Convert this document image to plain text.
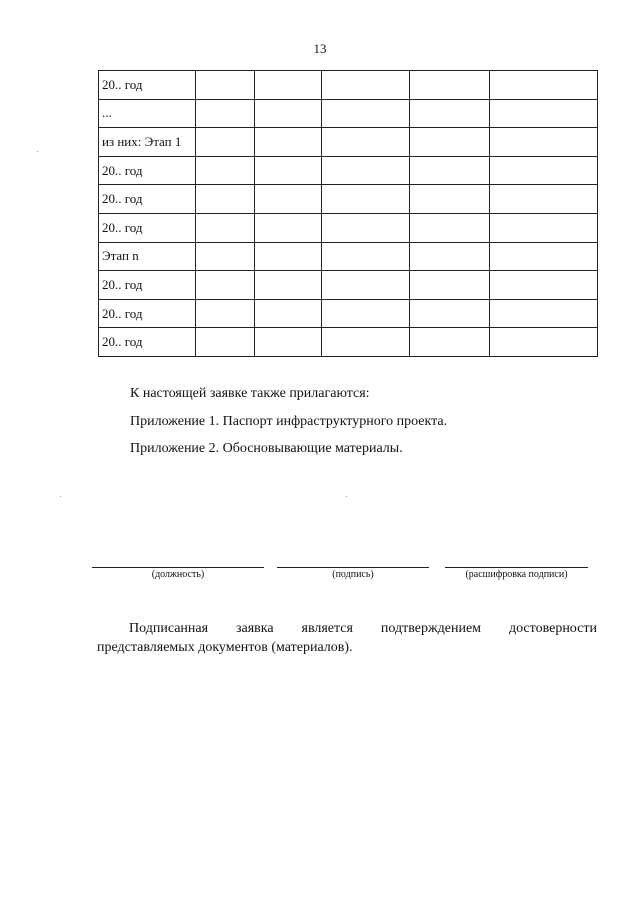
13
20.. год					
...					
из них: Этап 1					
20.. год					
20.. год					
20.. год					
Этап n					
20.. год					
20.. год					
20.. год					
К настоящей заявке также прилагаются:
Приложение 1. Паспорт инфраструктурного проекта.
Приложение 2. Обосновывающие материалы.
(должность)	(подпись)	(расшифровка подписи)
Подписанная заявка является подтверждением достоверности
представляемых документов (материалов).
